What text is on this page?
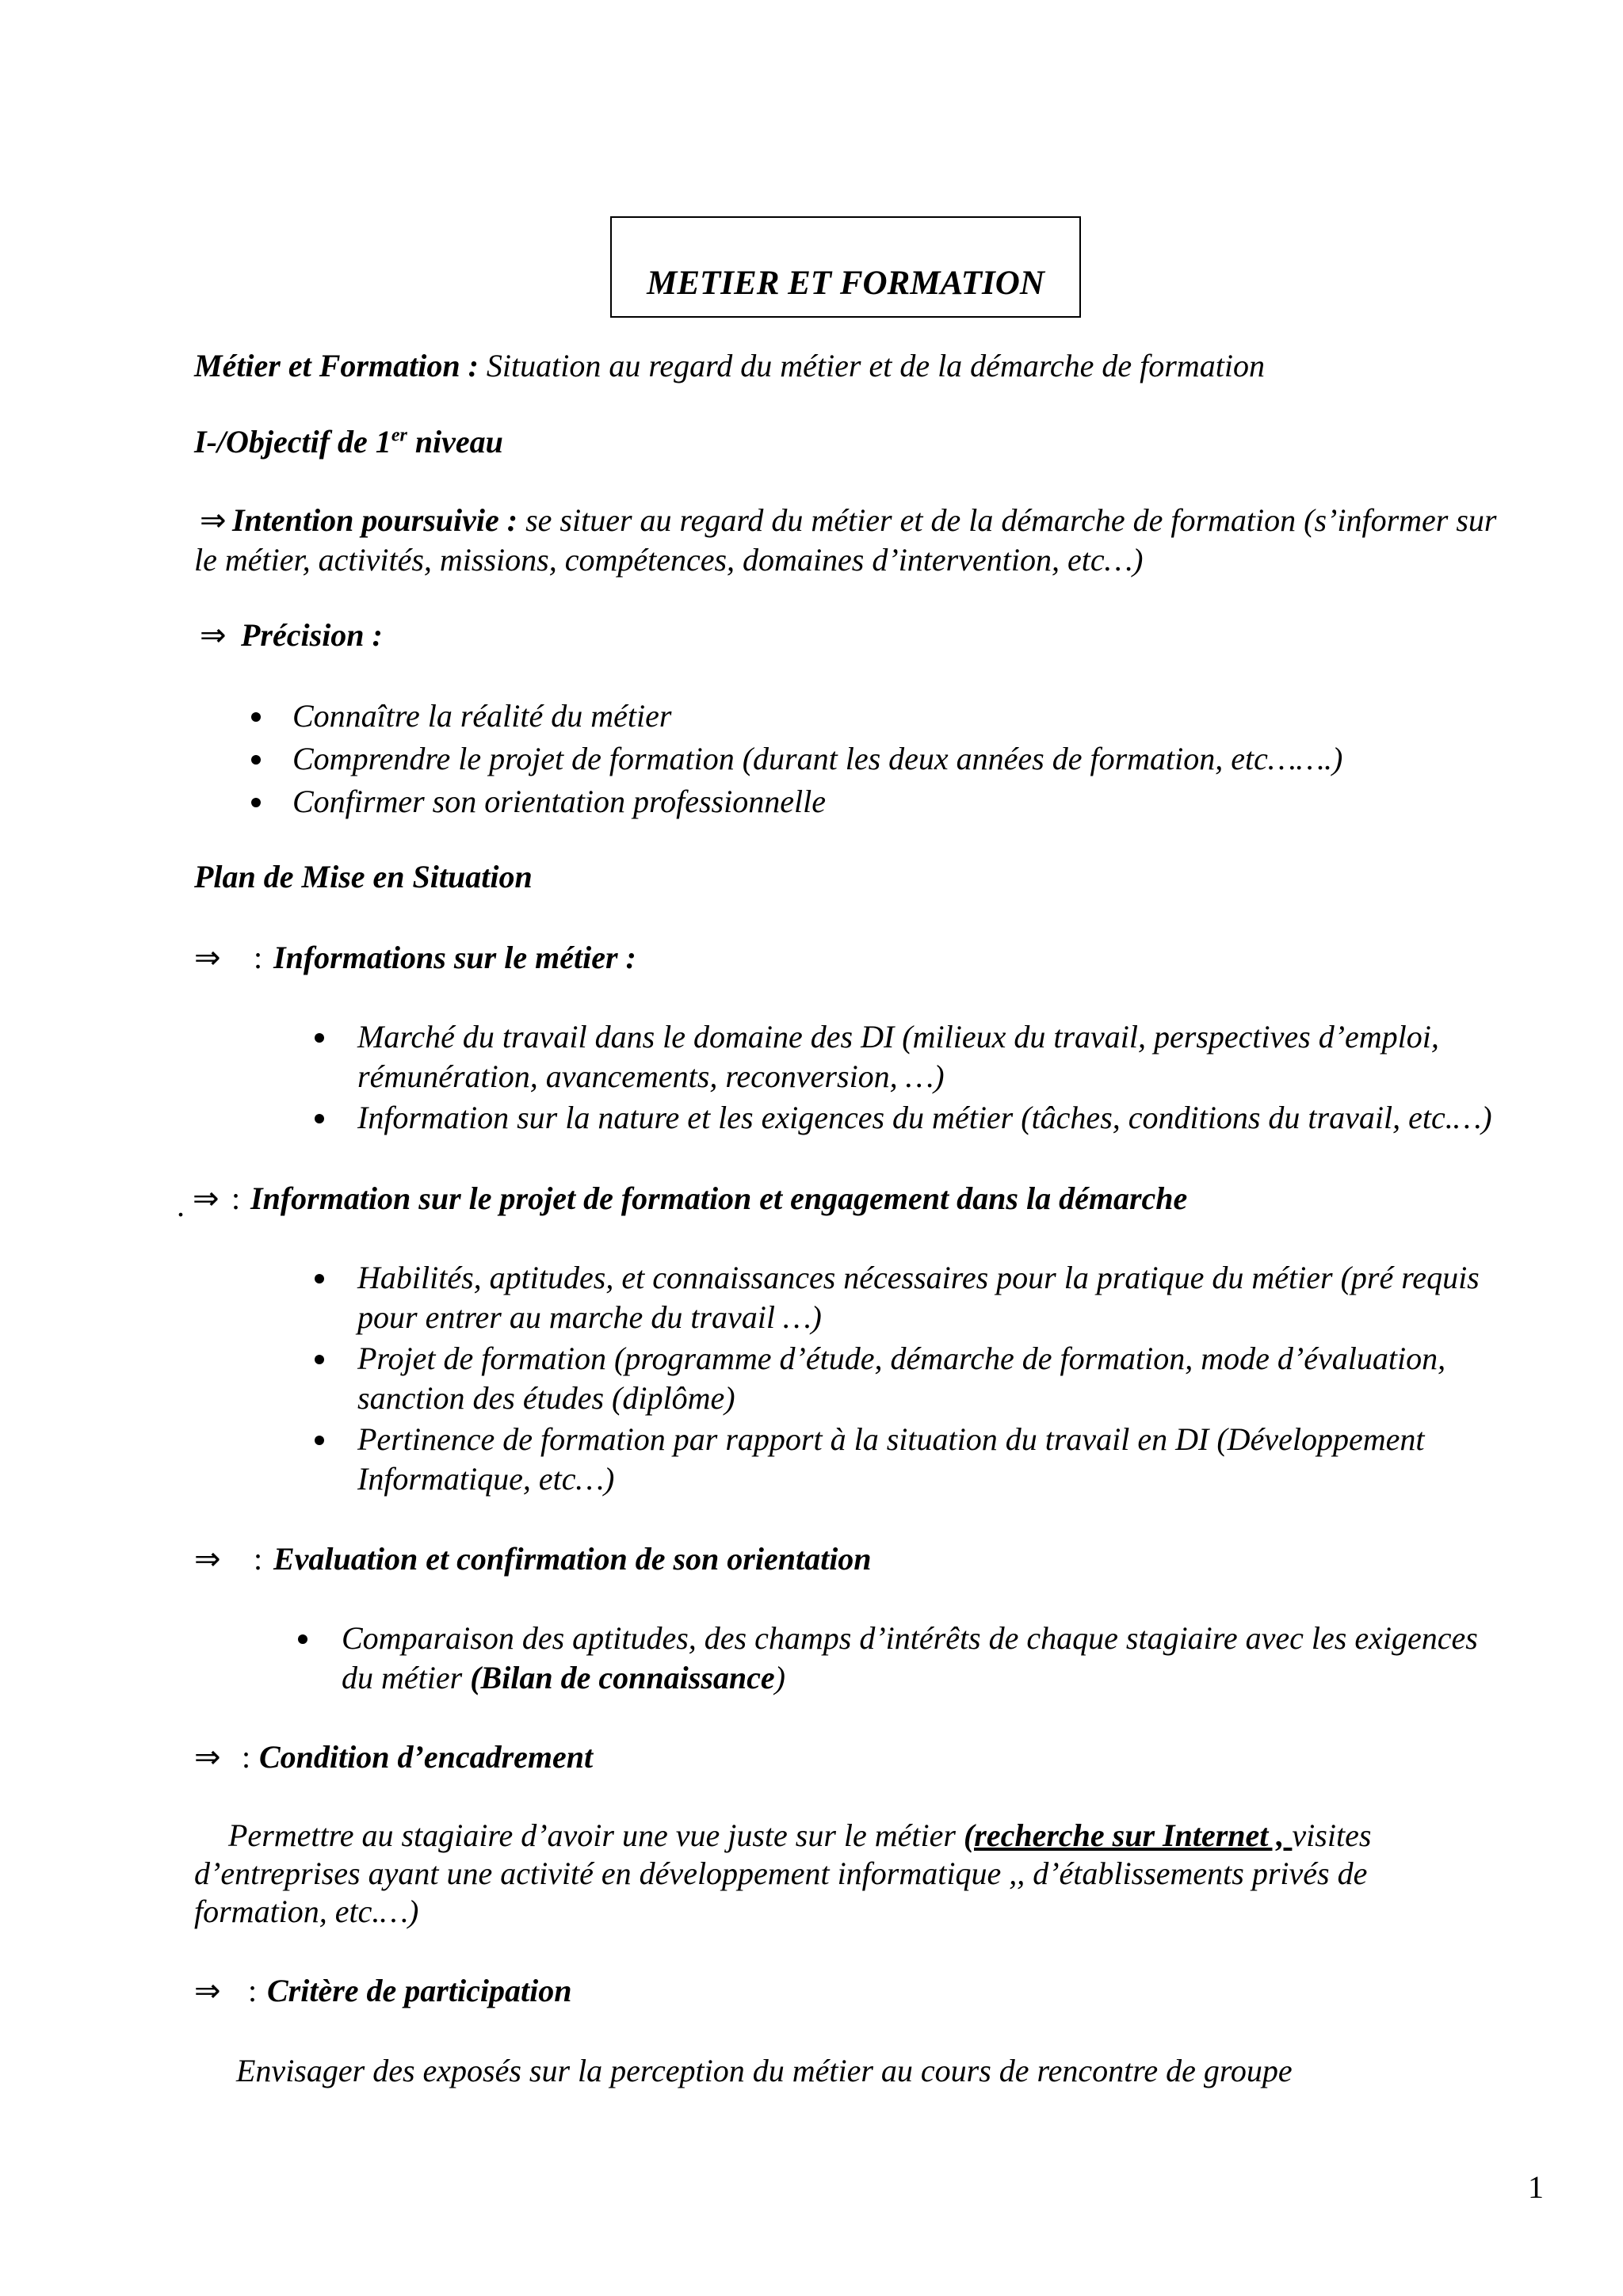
METIER ET FORMATION
Métier et Formation : Situation au regard du métier et de la démarche de formation
I-/Objectif de 1er niveau
⇒ Intention poursuivie : se situer au regard du métier et de la démarche de formation (s’informer sur
le métier, activités, missions, compétences, domaines d’intervention, etc…)
⇒ Précision :
Connaître la réalité du métier
Comprendre le projet de formation (durant les deux années de formation, etc…….)
Confirmer son orientation professionnelle
Plan de Mise en Situation
⇒ : Informations sur le métier :
Marché du travail dans le domaine des DI (milieux du travail, perspectives d’emploi,
rémunération, avancements, reconversion, …)
Information sur la nature et les exigences du métier (tâches, conditions du travail, etc.…)
. ⇒ : Information sur le projet de formation et engagement dans la démarche
Habilités, aptitudes, et connaissances nécessaires pour la pratique du métier (pré requis
pour entrer au marche du travail …)
Projet de formation (programme d’étude, démarche de formation, mode d’évaluation,
sanction des études (diplôme)
Pertinence de formation par rapport à la situation du travail en DI (Développement
Informatique, etc…)
⇒ : Evaluation et confirmation de son orientation
Comparaison des aptitudes, des champs d’intérêts de chaque stagiaire avec les exigences
du métier (Bilan de connaissance)
⇒ : Condition d’encadrement
Permettre au stagiaire d’avoir une vue juste sur le métier (recherche sur Internet , visites
d’entreprises ayant une activité en développement informatique ,, d’établissements privés de
formation, etc.…)
⇒ : Critère de participation
Envisager des exposés sur la perception du métier au cours de rencontre de groupe
1
